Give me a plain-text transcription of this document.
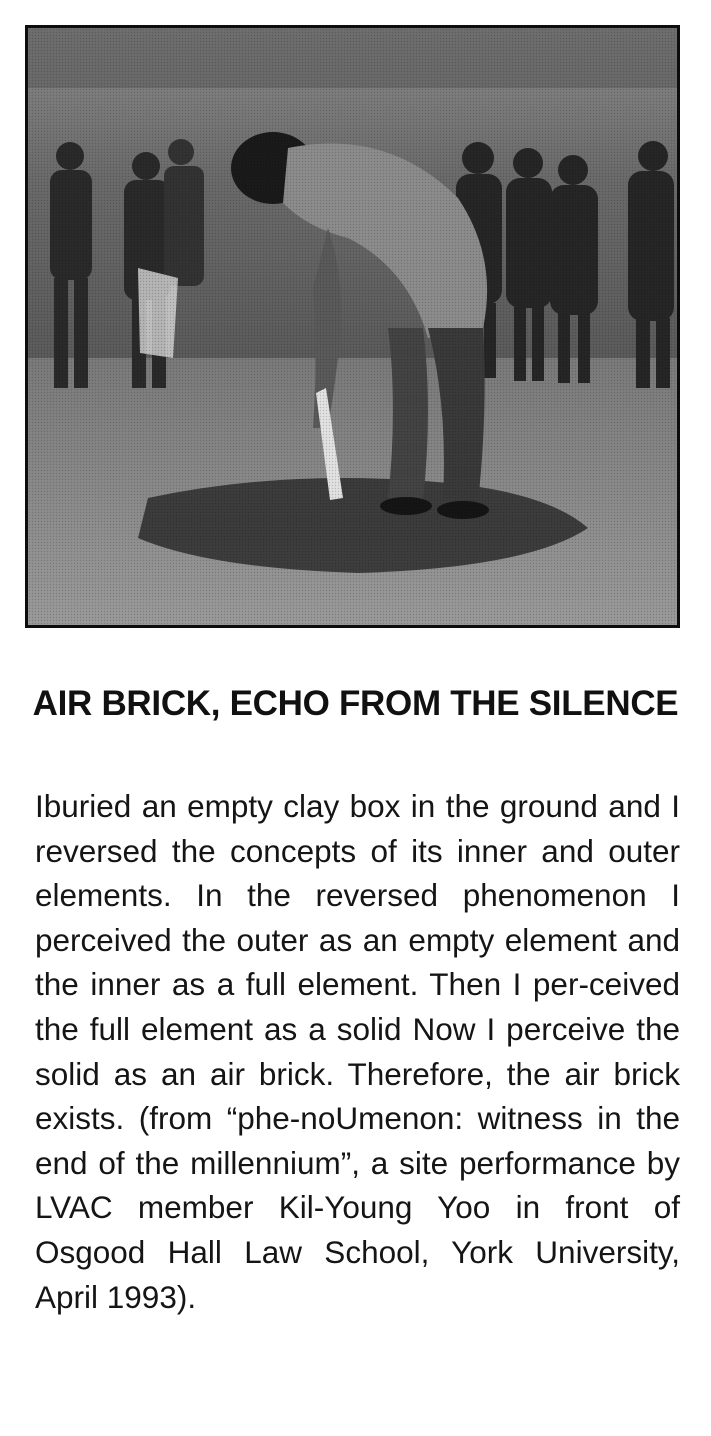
AIR BRICK, ECHO FROM THE SILENCE

Iburied an empty clay box in the ground and I reversed the concepts of its inner and outer elements. In the reversed phenomenon I perceived the outer as an empty element and the inner as a full element. Then I per-ceived the full element as a solid Now I perceive the solid as an air brick. Therefore, the air brick exists. (from “phe-noUmenon: witness in the end of the millennium”, a site performance by LVAC member Kil-Young Yoo in front of Osgood Hall Law School, York University, April 1993).
